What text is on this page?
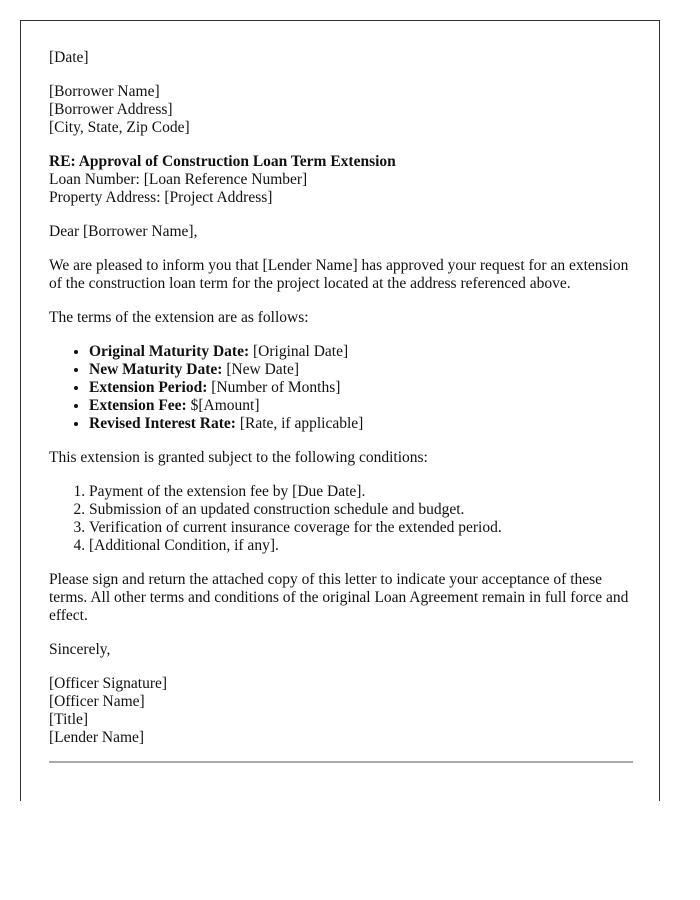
[Date]

[Borrower Name]
[Borrower Address]
[City, State, Zip Code]
RE: Approval of Construction Loan Term Extension
Loan Number: [Loan Reference Number]
Property Address: [Project Address]

Dear [Borrower Name],

We are pleased to inform you that [Lender Name] has approved your request for an extension of the construction loan term for the project located at the address referenced above.

The terms of the extension are as follows:

• Original Maturity Date: [Original Date]
• New Maturity Date: [New Date]
• Extension Period: [Number of Months]
• Extension Fee: $[Amount]
• Revised Interest Rate: [Rate, if applicable]

This extension is granted subject to the following conditions:

1. Payment of the extension fee by [Due Date].
2. Submission of an updated construction schedule and budget.
3. Verification of current insurance coverage for the extended period.
4. [Additional Condition, if any].

Please sign and return the attached copy of this letter to indicate your acceptance of these terms. All other terms and conditions of the original Loan Agreement remain in full force and effect.

Sincerely,

[Officer Signature]
[Officer Name]
[Title]
[Lender Name]
